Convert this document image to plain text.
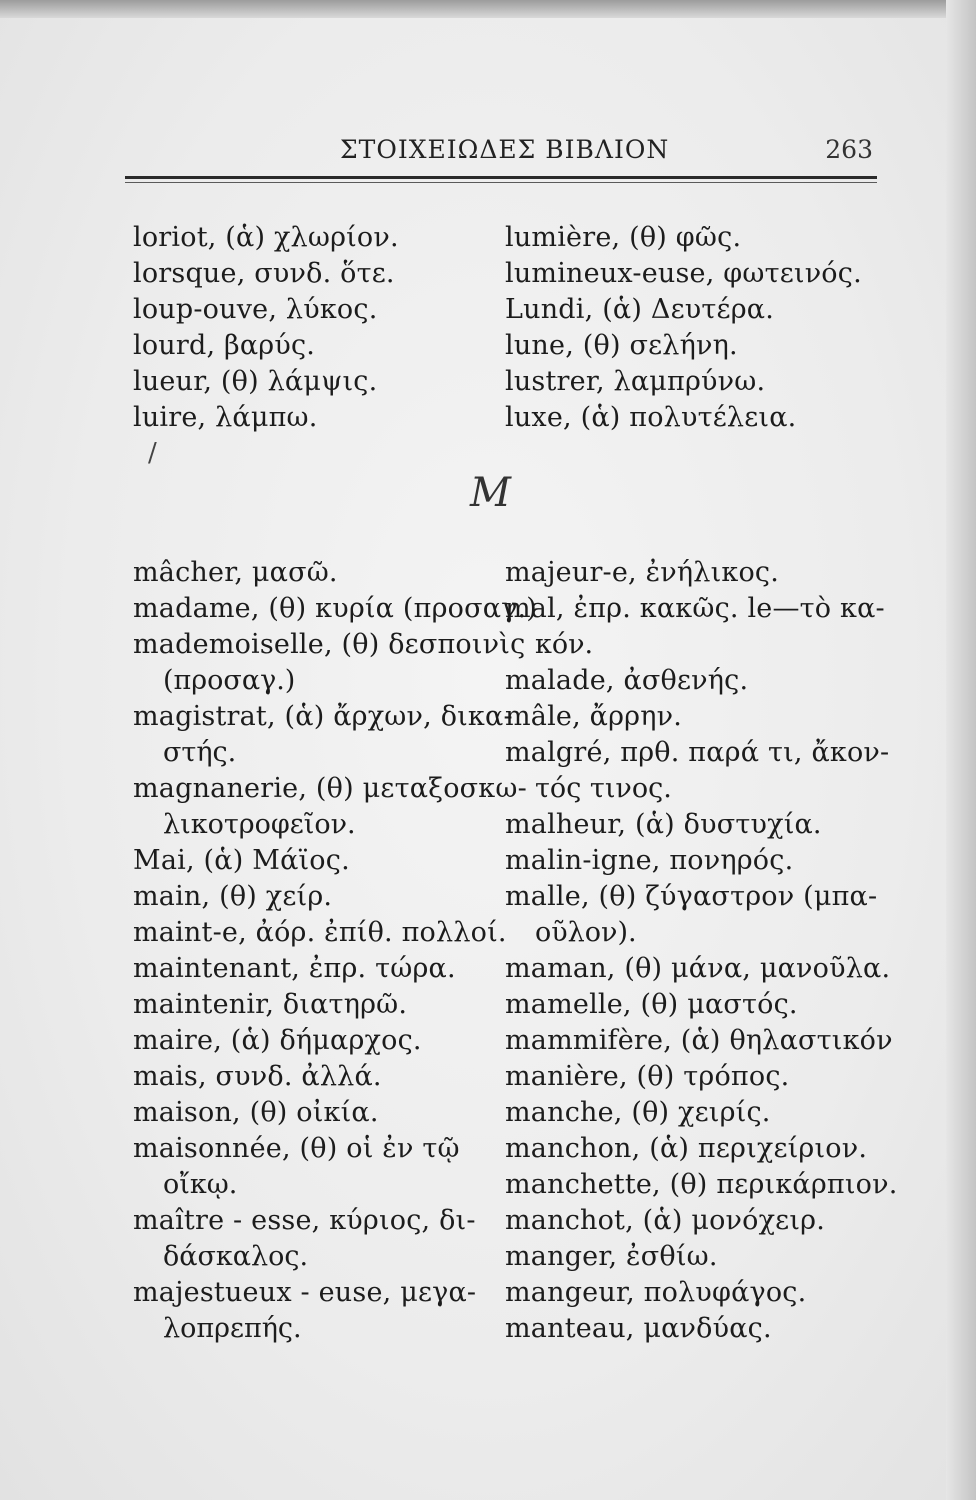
ΣΤΟΙΧΕΙΩΔΕΣ ΒΙΒΛΙΟΝ	263
loriot, (ἁ) χλωρίον.
lorsque, συνδ. ὅτε.
loup-ouve, λύκος.
lourd, βαρύς.
lueur, (θ) λάμψις.
luire, λάμπω.
lumière, (θ) φῶς.
lumineux-euse, φωτεινός.
Lundi, (ἁ) Δευτέρα.
lune, (θ) σελήνη.
lustrer, λαμπρύνω.
luxe, (ἁ) πολυτέλεια.
/
M
mâcher, μασῶ.
madame, (θ) κυρία (προσαγ.)
mademoiselle, (θ) δεσποινὶς

(προσαγ.)
magistrat, (ἁ) ἄρχων, δικα-

στής.
magnanerie, (θ) μεταξοσκω-

λικοτροφεῖον.
Mai, (ἁ) Μάϊος.
main, (θ) χείρ.
maint-e, ἀόρ. ἐπίθ. πολλοί.
maintenant, ἐπρ. τώρα.
maintenir, διατηρῶ.
maire, (ἁ) δήμαρχος.
mais, συνδ. ἀλλά.
maison, (θ) οἰκία.
maisonnée, (θ) οἱ ἐν τῷ

οἴκῳ.
maître - esse, κύριος, δι-

δάσκαλος.
majestueux - euse, μεγα-

λοπρεπής.
majeur-e, ἐνήλικος.
mal, ἐπρ. κακῶς. le—τὸ κα-

κόν.
malade, ἀσθενής.
mâle, ἄρρην.
malgré, πρθ. παρά τι, ἄκον-

τός τινος.
malheur, (ἁ) δυστυχία.
malin-igne, πονηρός.
malle, (θ) ζύγαστρον (μπα-

οῦλον).
maman, (θ) μάνα, μανοῦλα.
mamelle, (θ) μαστός.
mammifère, (ἁ) θηλαστικόν
manière, (θ) τρόπος.
manche, (θ) χειρίς.
manchon, (ἁ) περιχείριον.
manchette, (θ) περικάρπιον.
manchot, (ἁ) μονόχειρ.
manger, ἐσθίω.
mangeur, πολυφάγος.
manteau, μανδύας.
